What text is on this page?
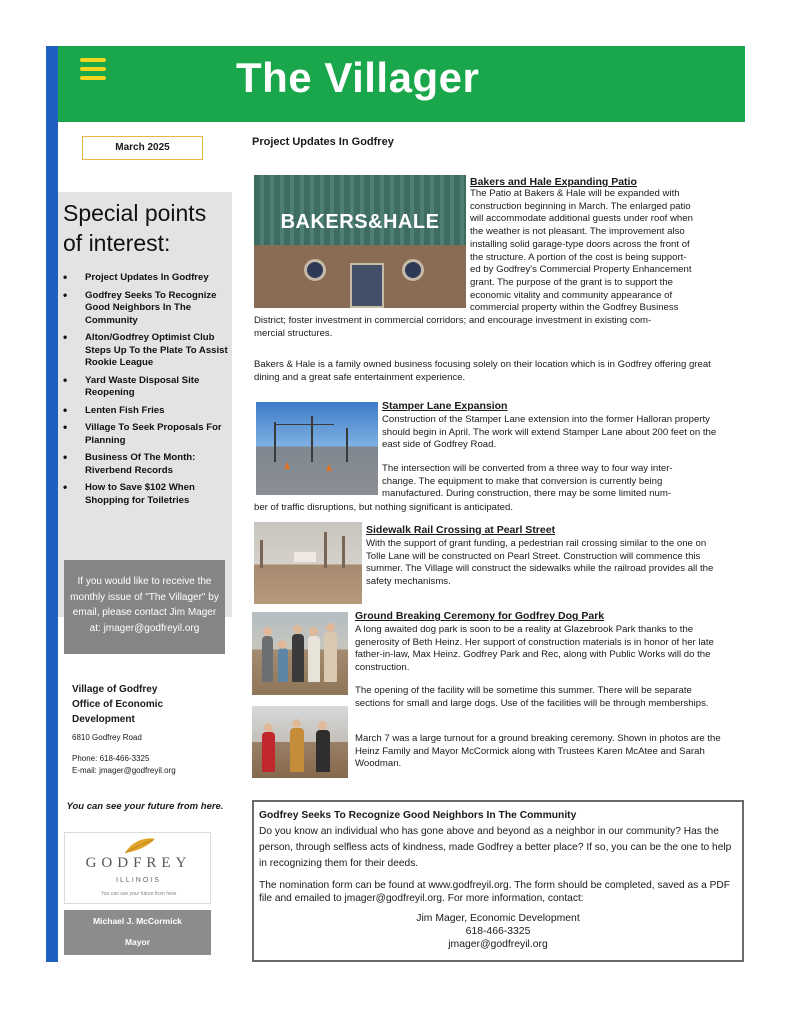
The Villager
March 2025
Special points of interest:
• Project Updates In Godfrey
• Godfrey Seeks To Recognize Good Neighbors In The Community
• Alton/Godfrey Optimist Club Steps Up To the Plate To Assist Rookie League
• Yard Waste Disposal Site Reopening
• Lenten Fish Fries
• Village To Seek Proposals For Planning
• Business Of The Month: Riverbend Records
• How to Save $102 When Shopping for Toiletries
If you would like to receive the monthly issue of "The Villager" by email, please contact Jim Mager at: jmager@godfreyil.org
Village of Godfrey
Office of Economic
Development
6810 Godfrey Road
Phone: 618-466-3325
E-mail: jmager@godfreyil.org
You can see your future from here.
GODFREY
ILLINOIS
You can see your future from here
Michael J. McCormick
Mayor
Project Updates In Godfrey
BAKERS&HALE
Bakers and Hale Expanding Patio
The Patio at Bakers & Hale will be expanded with
construction beginning in March. The enlarged patio
will accommodate additional guests under roof when
the weather is not pleasant. The improvement also
installing solid garage-type doors across the front of
the structure. A portion of the cost is being support-
ed by Godfrey's Commercial Property Enhancement
grant. The purpose of the grant is to support the
economic vitality and community appearance of
commercial property within the Godfrey Business
District; foster investment in commercial corridors; and encourage investment in existing com-
mercial structures.
Bakers & Hale is a family owned business focusing solely on their location which is in Godfrey offering great dining and a great safe entertainment experience.
Stamper Lane Expansion
Construction of the Stamper Lane extension into the former Halloran property should begin in April. The work will extend Stamper Lane about 200 feet on the east side of Godfrey Road.
The intersection will be converted from a three way to four way inter-
change. The equipment to make that conversion is currently being
manufactured. During construction, there may be some limited num-
ber of traffic disruptions, but nothing significant is anticipated.
Sidewalk Rail Crossing at Pearl Street
With the support of grant funding, a pedestrian rail crossing similar to the one on Tolle Lane will be constructed on Pearl Street. Construction will commence this summer. The Village will construct the sidewalks while the railroad provides all the safety mechanisms.
Ground Breaking Ceremony for Godfrey Dog Park
A long awaited dog park is soon to be a reality at Glazebrook Park thanks to the generosity of Beth Heinz. Her support of construction materials is in honor of her late father-in-law, Max Heinz. Godfrey Park and Rec, along with Public Works will do the construction.
The opening of the facility will be sometime this summer. There will be separate sections for small and large dogs. Use of the facilities will be through memberships.
March 7 was a large turnout for a ground breaking ceremony. Shown in photos are the Heinz Family and Mayor McCormick along with Trustees Karen McAtee and Sarah Woodman.
Godfrey Seeks To Recognize Good Neighbors In The Community
Do you know an individual who has gone above and beyond as a neighbor in our community? Has the person, through selfless acts of kindness, made Godfrey a better place? If so, you can be the one to help in recognizing them for their deeds.
The nomination form can be found at www.godfreyil.org. The form should be completed, saved as a PDF file and emailed to jmager@godfreyil.org. For more information, contact:
Jim Mager, Economic Development
618-466-3325
jmager@godfreyil.org
